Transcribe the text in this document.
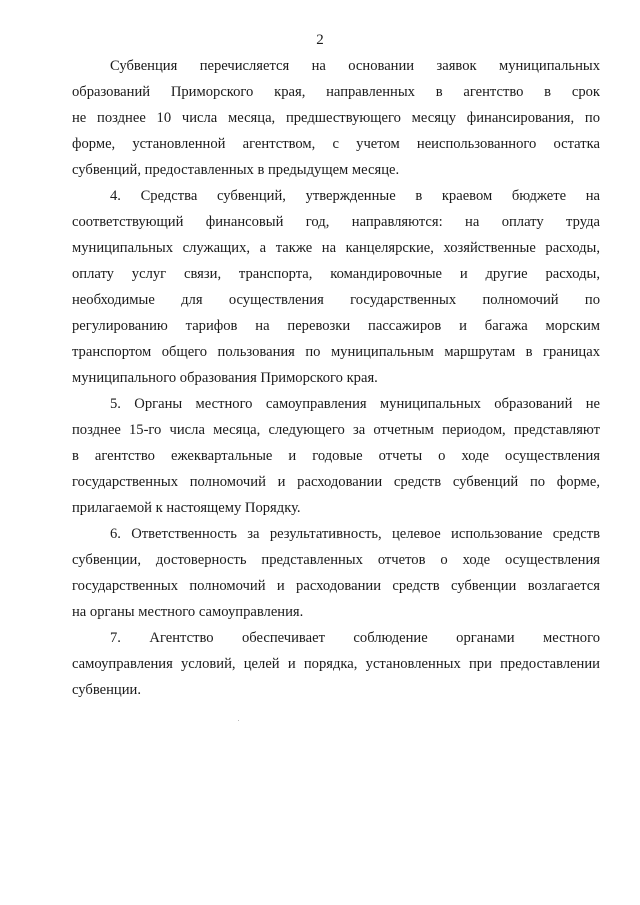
2
Субвенция перечисляется на основании заявок муниципальных
образований Приморского края, направленных в агентство в срок
не позднее 10 числа месяца, предшествующего месяцу финансирования, по
форме, установленной агентством, с учетом неиспользованного остатка
субвенций, предоставленных в предыдущем месяце.
4. Средства субвенций, утвержденные в краевом бюджете на
соответствующий финансовый год, направляются: на оплату труда
муниципальных служащих, а также на канцелярские, хозяйственные расходы,
оплату услуг связи, транспорта, командировочные и другие расходы,
необходимые для осуществления государственных полномочий по
регулированию тарифов на перевозки пассажиров и багажа морским
транспортом общего пользования по муниципальным маршрутам в границах
муниципального образования Приморского края.
5. Органы местного самоуправления муниципальных образований не
позднее 15-го числа месяца, следующего за отчетным периодом, представляют
в агентство ежеквартальные и годовые отчеты о ходе осуществления
государственных полномочий и расходовании средств субвенций по форме,
прилагаемой к настоящему Порядку.
6. Ответственность за результативность, целевое использование средств
субвенции, достоверность представленных отчетов о ходе осуществления
государственных полномочий и расходовании средств субвенции возлагается
на органы местного самоуправления.
7. Агентство обеспечивает соблюдение органами местного
самоуправления условий, целей и порядка, установленных при предоставлении
субвенции.
